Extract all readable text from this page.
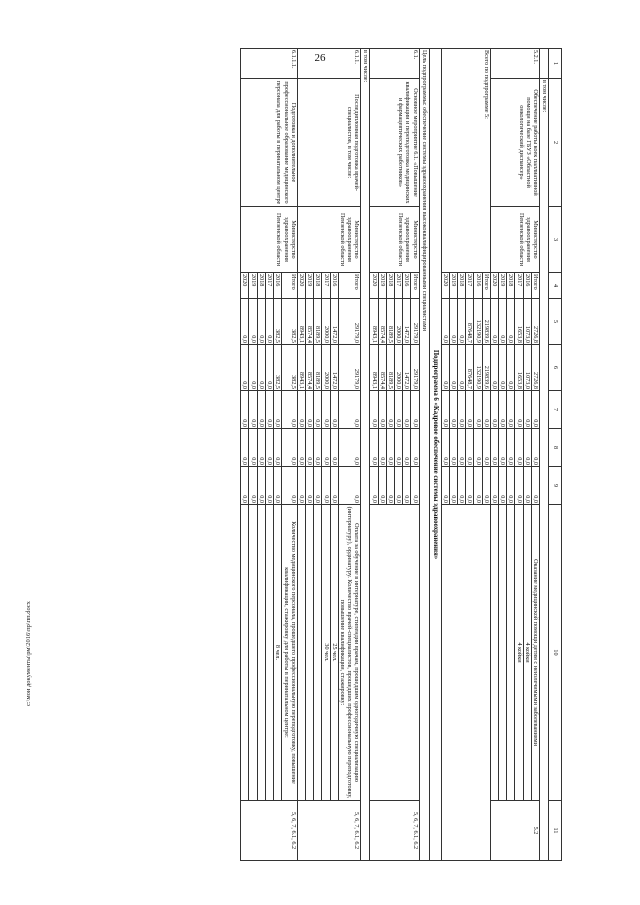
26
c:\мои документы\рм\2016\пр\пп.docx
1	2	3	4	5	6	7	8	9	10	11
	в том числе:									
5.2.1.	Обеспечение работы коек паллиативной помощи на базе ГБУЗ «Областной онкологический диспансер»	Министерство здравоохранения Пензенской области	Итого	2726,8	2726,8	0,0	0,0	0,0	Оказание медицинской помощи детям с неизлечимыми заболеваниями	5.2
			2016	1073,0	1073,0	0,0	0,0	0,0	4 койки	
			2017	1653,8	1653,8	0,0	0,0	0,0	4 койки	
			2018	0,0	0,0	0,0	0,0	0,0		
			2019	0,0	0,0	0,0	0,0	0,0		
			2020	0,0	0,0	0,0	0,0	0,0		
Всего по подпрограмме 5:			Итого	219839,6	219839,6	0,0	0,0	0,0		
			2016	132190,9	132190,9	0,0	0,0	0,0		
			2017	87648,7	87648,7	0,0	0,0	0,0		
			2018	0,0	0,0	0,0	0,0	0,0		
			2019	0,0	0,0	0,0	0,0	0,0		
			2020	0,0	0,0	0,0	0,0	0,0		
Подпрограмма 6 «Кадровое обеспечение системы здравоохранения»										
Цель подпрограммы: обеспечение системы здравоохранения высококвалифицированными специалистами										
6.1.	Основное мероприятие 6.1. «Повышение квалификации и переподготовка медицинских и фармацевтических работников»	Министерство здравоохранения Пензенской области	Итого	29179,0	29179,0	0,0	0,0	0,0		5, 6, 7, 6.1, 6.2
			2016	1472,0	1472,0	0,0	0,0	0,0		
			2017	2000,0	2000,0	0,0	0,0	0,0		
			2018	8189,5	8189,5	0,0	0,0	0,0		
			2019	8574,4	8574,4	0,0	0,0	0,0		
			2020	8943,1	8943,1	0,0	0,0	0,0		
в том числе:										
6.1.1.	Последипломная подготовка врачей-специалистов, в том числе:	Министерство здравоохранения Пензенской области	Итого	29179,0	29179,0	0,0	0,0	0,0	Оплата за обучение в интернатуре, стипендии врачам, прошедшим одногодичную специализацию (интернатуру), ординатуру. Количество врачей-специалистов, прошедших профессиональную переподготовку, повышение квалификации, стажировку:	5, 6, 7, 6.1, 6.2
			2016	1472,0	1472,0	0,0	0,0	0,0	25 чел.	
			2017	2000,0	2000,0	0,0	0,0	0,0	30 чел.	
			2018	8189,5	8189,5	0,0	0,0	0,0		
			2019	8574,4	8574,4	0,0	0,0	0,0		
			2020	8943,1	8943,1	0,0	0,0	0,0		
6.1.1.1.	Подготовка и дополнительное профессиональное образование медицинского персонала для работы в перинатальном центре	Министерство здравоохранения Пензенской области	Итого	382,5	382,5	0,0	0,0	0,0	Количество медицинского персонала, прошедшего профессиональную переподготовку, повышение квалификации, стажировку для работы в перинатальном центре:	5, 6, 7, 6.1, 6.2
			2016	382,5	382,5	0,0	0,0	0,0	8 чел.	
			2017	0,0	0,0	0,0	0,0	0,0		
			2018	0,0	0,0	0,0	0,0	0,0		
			2019	0,0	0,0	0,0	0,0	0,0		
			2020	0,0	0,0	0,0	0,0	0,0		
